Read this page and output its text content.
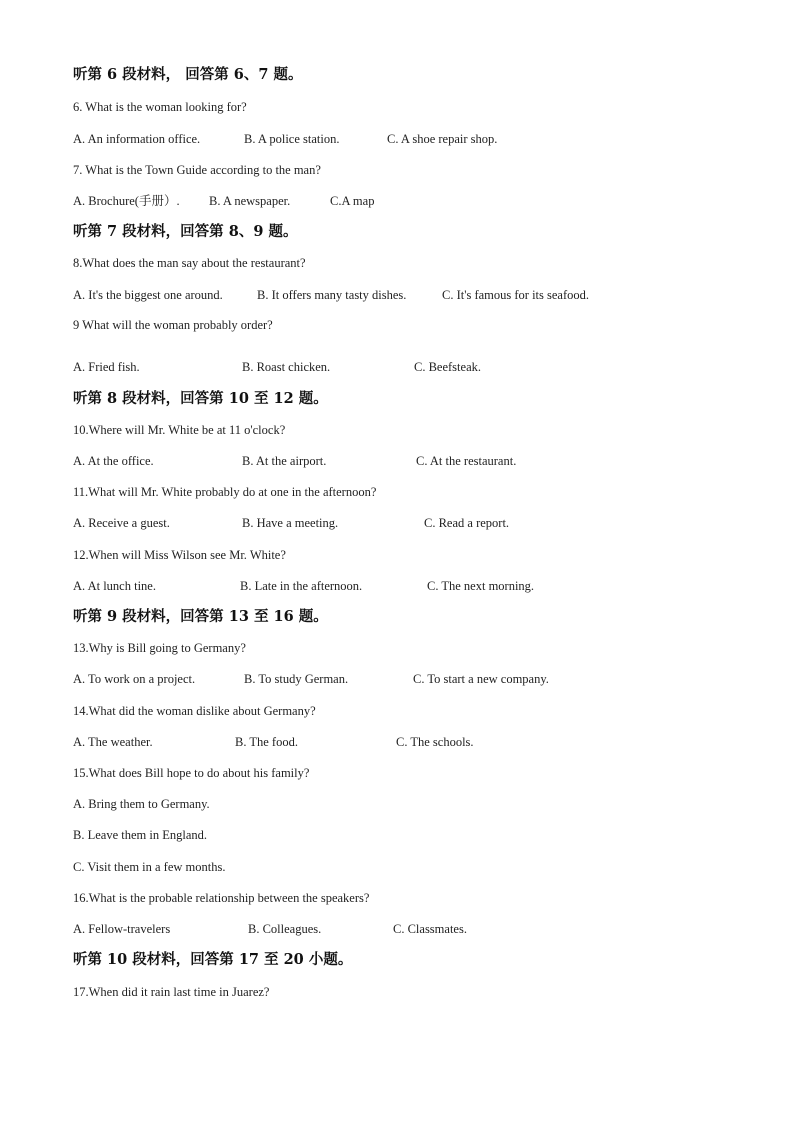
听第 6 段材料， 回答第 6、7 题。
6. What is the woman looking for?
A. An information office.	B. A police station.	C. A shoe repair shop.
7. What is the Town Guide according to the man?
A. Brochure(手册）. B. A newspaper.	C.A map
听第 7 段材料，回答第 8、9 题。
8.What does the man say about the restaurant?
A. It's the biggest one around.	B. It offers many tasty dishes.	C. It's famous for its seafood.
9 What will the woman probably order?
A. Fried fish.	B. Roast chicken.	C. Beefsteak.
听第 8 段材料，回答第 10 至 12 题。
10.Where will Mr. White be at 11 o'clock?
A. At the office.	B. At the airport.	C. At the restaurant.
11.What will Mr. White probably do at one in the afternoon?
A. Receive a guest.	B. Have a meeting.	C. Read a report.
12.When will Miss Wilson see Mr. White?
A. At lunch tine.	B. Late in the afternoon.	C. The next morning.
听第 9 段材料，回答第 13 至 16 题。
13.Why is Bill going to Germany?
A. To work on a project.	B. To study German.	C. To start a new company.
14.What did the woman dislike about Germany?
A. The weather.	B. The food.	C. The schools.
15.What does Bill hope to do about his family?
A. Bring them to Germany.
B. Leave them in England.
C. Visit them in a few months.
16.What is the probable relationship between the speakers?
A. Fellow-travelers	B. Colleagues.	C. Classmates.
听第 10 段材料，回答第 17 至 20 小题。
17.When did it rain last time in Juarez?
